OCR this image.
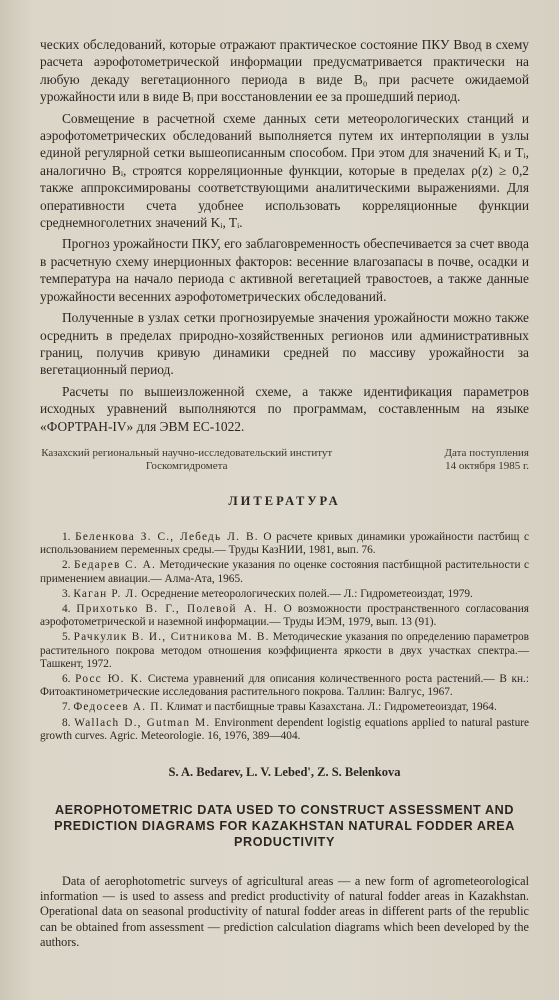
ческих обследований, которые отражают практическое состояние ПКУ Ввод в схему расчета аэрофотометрической информации предусматривается практически на любую декаду вегетационного периода в виде B₀ при расчете ожидаемой урожайности или в виде Bᵢ при восстановлении ее за прошедший период.

Совмещение в расчетной схеме данных сети метеорологических станций и аэрофотометрических обследований выполняется путем их интерполяции в узлы единой регулярной сетки вышеописанным способом. При этом для значений Kᵢ и Tᵢ, аналогично Bᵢ, строятся корреляционные функции, которые в пределах ρ(z) ≥ 0,2 также аппроксимированы соответствующими аналитическими выражениями. Для оперативности счета удобнее использовать корреляционные функции среднемноголетних значений Kᵢ, Tᵢ.

Прогноз урожайности ПКУ, его заблаговременность обеспечивается за счет ввода в расчетную схему инерционных факторов: весенние влагозапасы в почве, осадки и температура на начало периода с активной вегетацией травостоев, а также данные урожайности весенних аэрофотометрических обследований.

Полученные в узлах сетки прогнозируемые значения урожайности можно также осреднить в пределах природно-хозяйственных регионов или административных границ, получив кривую динамики средней по массиву урожайности за вегетационный период.

Расчеты по вышеизложенной схеме, а также идентификация параметров исходных уравнений выполняются по программам, составленным на языке «ФОРТРАН-IV» для ЭВМ ЕС-1022.

Казахский региональный научно-исследовательский институт Госкомгидромета
Дата поступления
14 октября 1985 г.
ЛИТЕРАТУРА
1. Беленкова З. С., Лебедь Л. В. О расчете кривых динамики урожайности пастбищ с использованием переменных среды.— Труды КазНИИ, 1981, вып. 76.
2. Бедарев С. А. Методические указания по оценке состояния пастбищной растительности с применением авиации.— Алма-Ата, 1965.
3. Каган Р. Л. Осреднение метеорологических полей.— Л.: Гидрометеоиздат, 1979.
4. Прихотько В. Г., Полевой А. Н. О возможности пространственного согласования аэрофотометрической и наземной информации.— Труды ИЭМ, 1979, вып. 13 (91).
5. Рачкулик В. И., Ситникова М. В. Методические указания по определению параметров растительного покрова методом отношения коэффициента яркости в двух участках спектра.— Ташкент, 1972.
6. Росс Ю. К. Система уравнений для описания количественного роста растений.— В кн.: Фитоактинометрические исследования растительного покрова. Таллин: Валгус, 1967.
7. Федосеев А. П. Климат и пастбищные травы Казахстана. Л.: Гидрометеоиздат, 1964.
8. Wallach D., Gutman M. Environment dependent logistig equations applied to natural pasture growth curves. Agric. Meteorologie. 16, 1976, 389—404.
S. A. Bedarev, L. V. Lebed', Z. S. Belenkova
AEROPHOTOMETRIC DATA USED TO CONSTRUCT ASSESSMENT AND PREDICTION DIAGRAMS FOR KAZAKHSTAN NATURAL FODDER AREA PRODUCTIVITY

Data of aerophotometric surveys of agricultural areas — a new form of agrometeorological information — is used to assess and predict productivity of natural fodder areas in Kazakhstan. Operational data on seasonal productivity of natural fodder areas in different parts of the republic can be obtained from assessment — prediction calculation diagrams which been developed by the authors.
